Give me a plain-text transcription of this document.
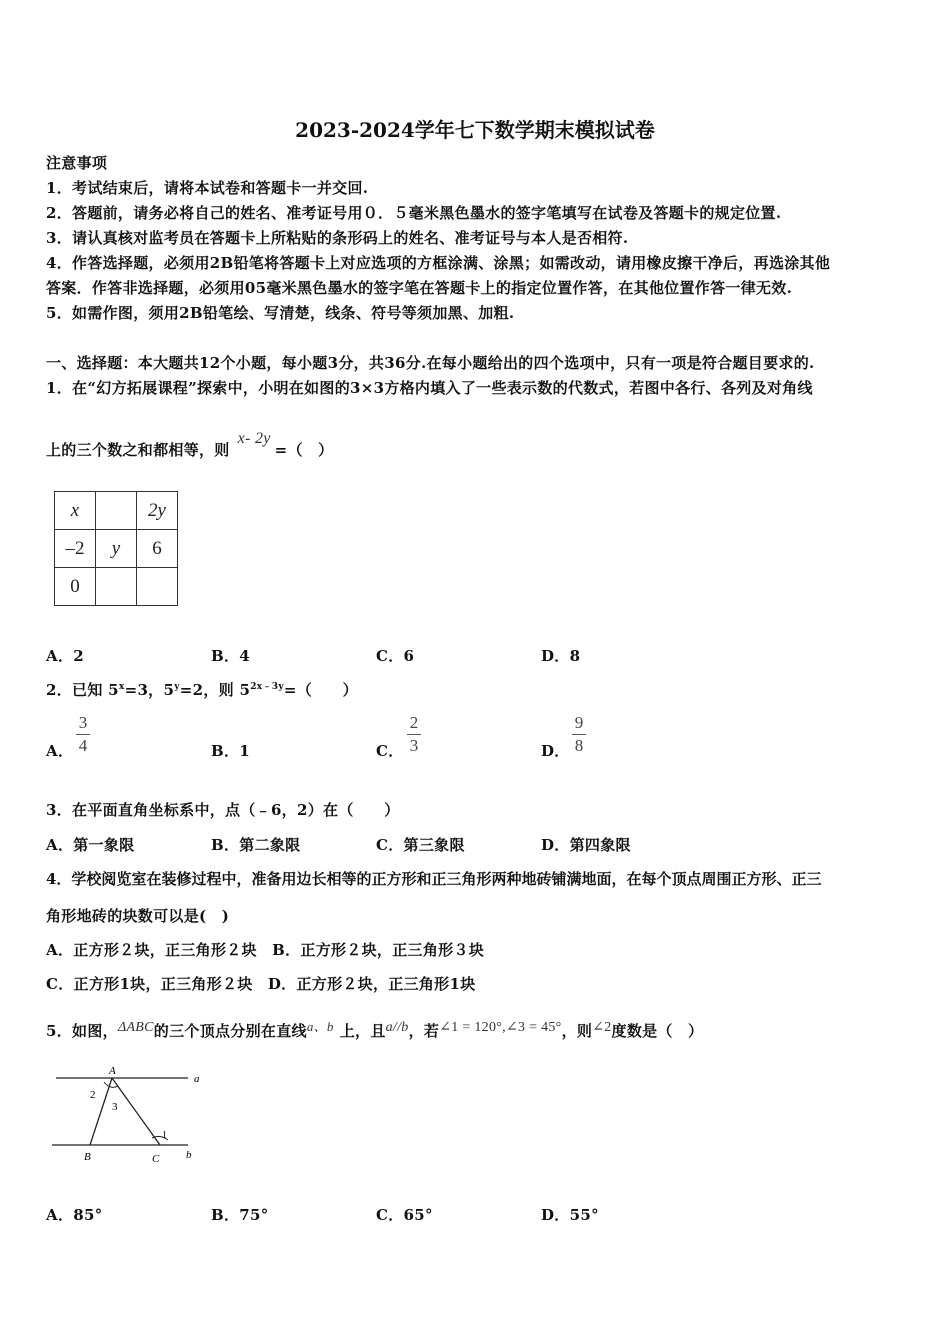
2023-2024学年七下数学期末模拟试卷
注意事项
1．考试结束后，请将本试卷和答题卡一并交回.
2．答题前，请务必将自己的姓名、准考证号用０．５毫米黑色墨水的签字笔填写在试卷及答题卡的规定位置.
3．请认真核对监考员在答题卡上所粘贴的条形码上的姓名、准考证号与本人是否相符.
4．作答选择题，必须用2B铅笔将答题卡上对应选项的方框涂满、涂黑；如需改动，请用橡皮擦干净后，再选涂其他
答案．作答非选择题，必须用05毫米黑色墨水的签字笔在答题卡上的指定位置作答，在其他位置作答一律无效.
5．如需作图，须用2B铅笔绘、写清楚，线条、符号等须加黑、加粗.
一、选择题：本大题共12个小题，每小题3分，共36分.在每小题给出的四个选项中，只有一项是符合题目要求的.
1．在“幻方拓展课程”探索中，小明在如图的3×3方格内填入了一些表示数的代数式，若图中各行、各列及对角线
上的三个数之和都相等，则x- 2y=（　）
x		2y
–2	y	6
0		
A．2	B．4	C．6	D．8
2．已知 $5^x=3$，$5^y=2$，则 $5^{2x﹣3y}=$（　　）
A．
3
4	B．1	C．
2
3	D．
9
8
3．在平面直角坐标系中，点（﹣6，2）在（　　）
A．第一象限	B．第二象限	C．第三象限	D．第四象限
4．学校阅览室在装修过程中，准备用边长相等的正方形和正三角形两种地砖铺满地面，在每个顶点周围正方形、正三
角形地砖的块数可以是(　)
A．正方形２块，正三角形２块　B．正方形２块，正三角形３块
C．正方形1块，正三角形２块　D．正方形２块，正三角形1块
5．如图，ΔABC的三个顶点分别在直线a、b 上，且a//b，若∠1 = 120°,∠3 = 45°，则∠2度数是（　）
A
B	C
a
b
1
2
3
A．85°	B．75°	C．65°	D．55°
